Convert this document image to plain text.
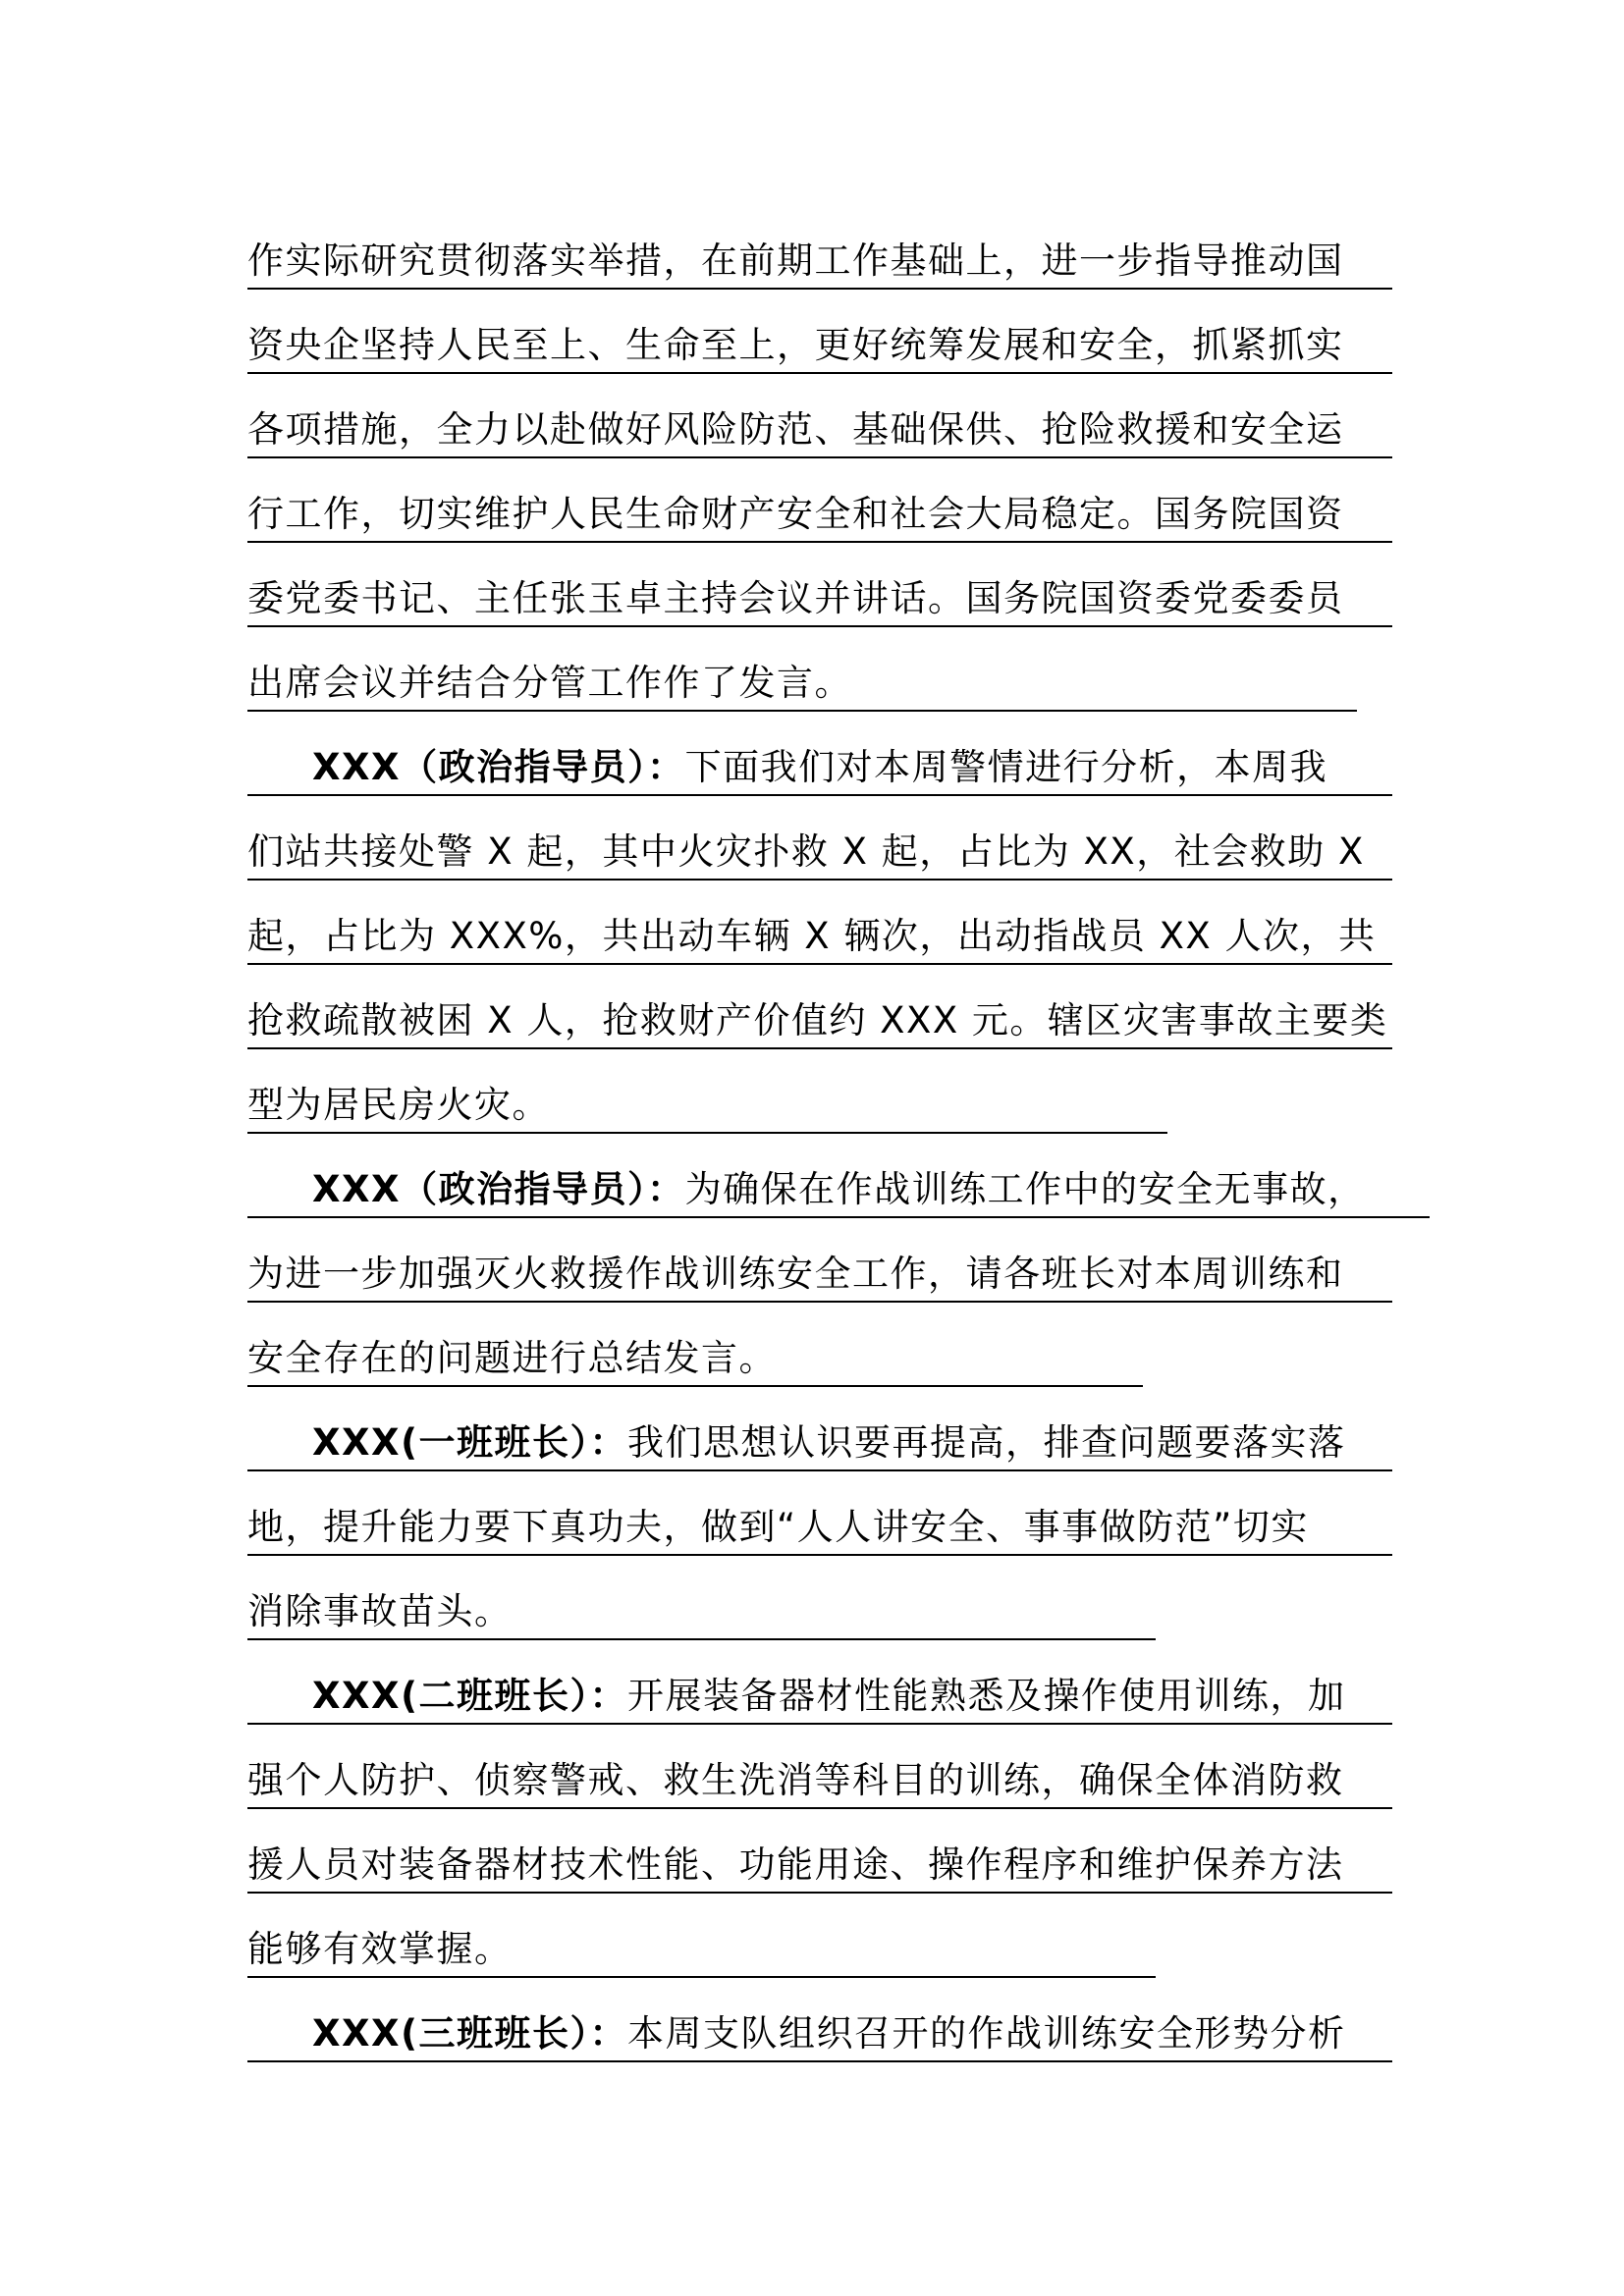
作实际研究贯彻落实举措，在前期工作基础上，进一步指导推动国
资央企坚持人民至上、生命至上，更好统筹发展和安全，抓紧抓实
各项措施，全力以赴做好风险防范、基础保供、抢险救援和安全运
行工作，切实维护人民生命财产安全和社会大局稳定。国务院国资
委党委书记、主任张玉卓主持会议并讲话。国务院国资委党委委员
出席会议并结合分管工作作了发言。
XXX（政治指导员）：下面我们对本周警情进行分析，本周我
们站共接处警 X 起，其中火灾扑救 X 起，占比为 XX，社会救助 X
起，占比为 XXX%，共出动车辆 X 辆次，出动指战员 XX 人次，共
抢救疏散被困 X 人，抢救财产价值约 XXX 元。辖区灾害事故主要类
型为居民房火灾。
XXX（政治指导员）：为确保在作战训练工作中的安全无事故，
为进一步加强灭火救援作战训练安全工作，请各班长对本周训练和
安全存在的问题进行总结发言。
XXX(一班班长）：我们思想认识要再提高，排查问题要落实落
地，提升能力要下真功夫，做到“人人讲安全、事事做防范”切实
消除事故苗头。
XXX(二班班长）：开展装备器材性能熟悉及操作使用训练，加
强个人防护、侦察警戒、救生洗消等科目的训练，确保全体消防救
援人员对装备器材技术性能、功能用途、操作程序和维护保养方法
能够有效掌握。
XXX(三班班长）：本周支队组织召开的作战训练安全形势分析
